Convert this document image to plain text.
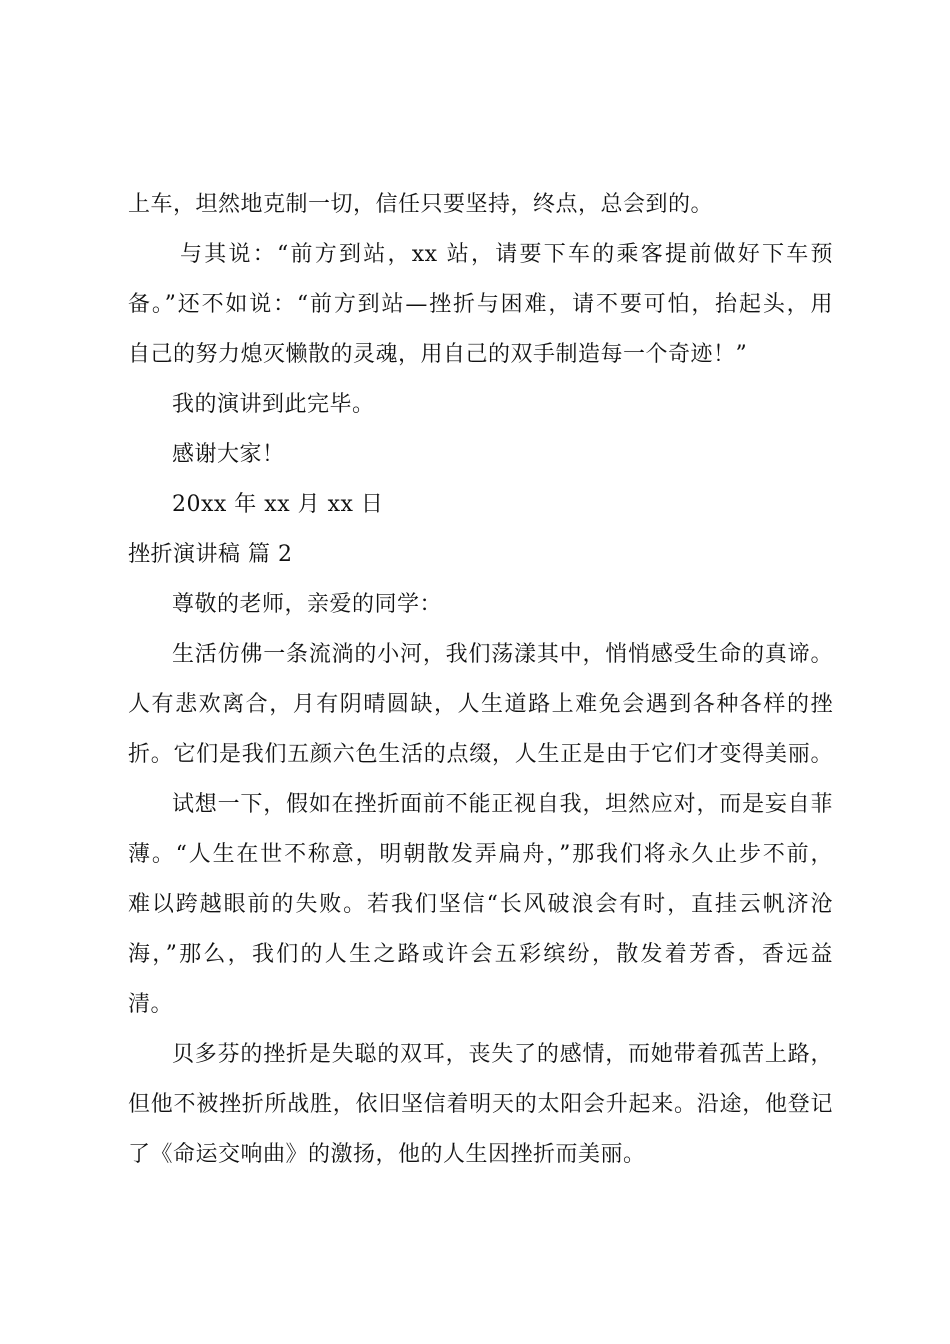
上车，坦然地克制一切，信任只要坚持，终点，总会到的。
与其说：“前方到站，xx 站，请要下车的乘客提前做好下车预
备。”还不如说：“前方到站—挫折与困难，请不要可怕，抬起头，用
自己的努力熄灭懒散的灵魂，用自己的双手制造每一个奇迹！”
我的演讲到此完毕。
感谢大家！
20xx 年 xx 月 xx 日
挫折演讲稿 篇 2
尊敬的老师，亲爱的同学：
生活仿佛一条流淌的小河，我们荡漾其中，悄悄感受生命的真谛。
人有悲欢离合，月有阴晴圆缺，人生道路上难免会遇到各种各样的挫
折。它们是我们五颜六色生活的点缀，人生正是由于它们才变得美丽。
试想一下，假如在挫折面前不能正视自我，坦然应对，而是妄自菲
薄。“人生在世不称意，明朝散发弄扁舟，”那我们将永久止步不前，
难以跨越眼前的失败。若我们坚信“长风破浪会有时，直挂云帆济沧
海，”那么，我们的人生之路或许会五彩缤纷，散发着芳香，香远益
清。
贝多芬的挫折是失聪的双耳，丧失了的感情，而她带着孤苦上路，
但他不被挫折所战胜，依旧坚信着明天的太阳会升起来。沿途，他登记
了《命运交响曲》的激扬，他的人生因挫折而美丽。
